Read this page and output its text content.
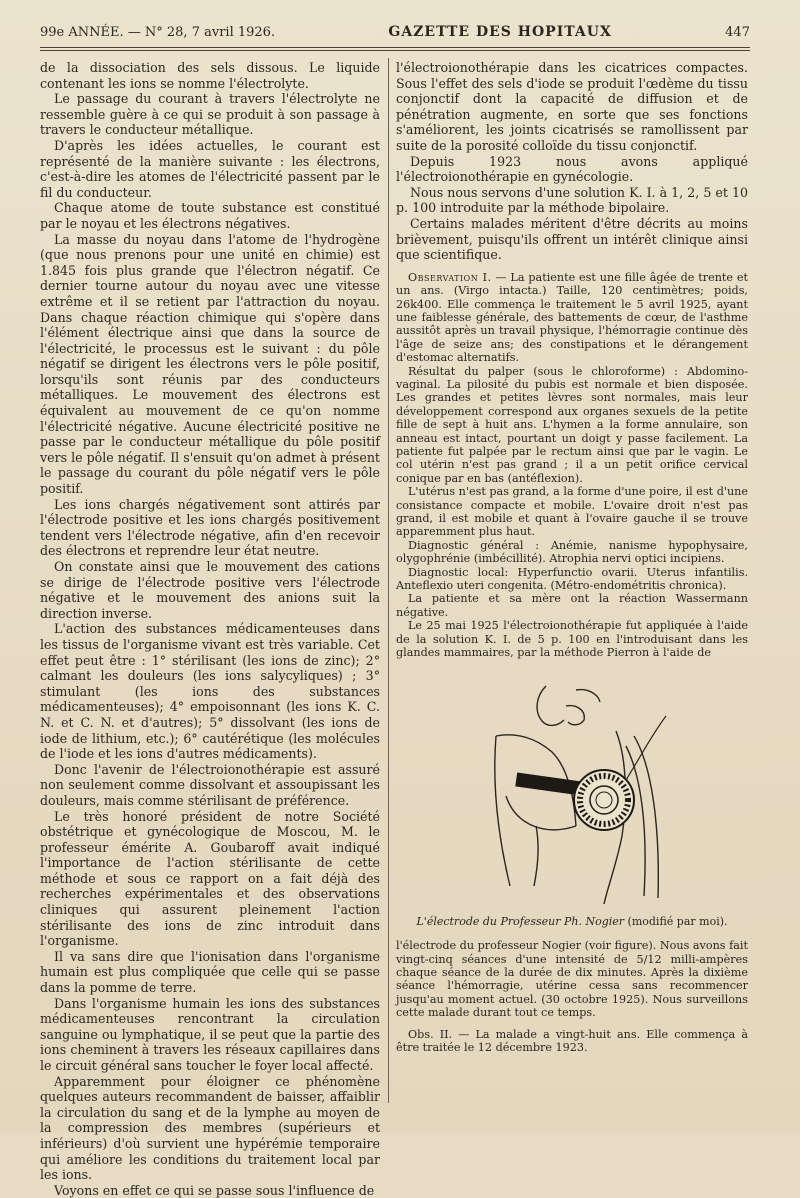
99e ANNÉE. — N° 28, 7 avril 1926.	GAZETTE DES HOPITAUX	447

de la dissociation des sels dissous. Le liquide contenant les ions se nomme l'électrolyte.

Le passage du courant à travers l'électrolyte ne ressemble guère à ce qui se produit à son passage à travers le conducteur métallique.

D'après les idées actuelles, le courant est représenté de la manière suivante : les électrons, c'est-à-dire les atomes de l'électricité passent par le fil du conducteur.

Chaque atome de toute substance est constitué par le noyau et les électrons négatives.

La masse du noyau dans l'atome de l'hydrogène (que nous prenons pour une unité en chimie) est 1.845 fois plus grande que l'électron négatif. Ce dernier tourne autour du noyau avec une vitesse extrême et il se retient par l'attraction du noyau. Dans chaque réaction chimique qui s'opère dans l'élément électrique ainsi que dans la source de l'électricité, le processus est le suivant : du pôle négatif se dirigent les électrons vers le pôle positif, lorsqu'ils sont réunis par des conducteurs métalliques. Le mouvement des électrons est équivalent au mouvement de ce qu'on nomme l'électricité négative. Aucune électricité positive ne passe par le conducteur métallique du pôle positif vers le pôle négatif. Il s'ensuit qu'on admet à présent le passage du courant du pôle négatif vers le pôle positif.

Les ions chargés négativement sont attirés par l'électrode positive et les ions chargés positivement tendent vers l'électrode négative, afin d'en recevoir des électrons et reprendre leur état neutre.

On constate ainsi que le mouvement des cations se dirige de l'électrode positive vers l'électrode négative et le mouvement des anions suit la direction inverse.

L'action des substances médicamenteuses dans les tissus de l'organisme vivant est très variable. Cet effet peut être : 1° stérilisant (les ions de zinc); 2° calmant les douleurs (les ions salycyliques) ; 3° stimulant (les ions des substances médicamenteuses); 4° empoisonnant (les ions K. C. N. et C. N. et d'autres); 5° dissolvant (les ions de iode de lithium, etc.); 6° cautérétique (les molécules de l'iode et les ions d'autres médicaments).

Donc l'avenir de l'électroionothérapie est assuré non seulement comme dissolvant et assoupissant les douleurs, mais comme stérilisant de préférence.

Le très honoré président de notre Société obstétrique et gynécologique de Moscou, M. le professeur émérite A. Goubaroff avait indiqué l'importance de l'action stérilisante de cette méthode et sous ce rapport on a fait déjà des recherches expérimentales et des observations cliniques qui assurent pleinement l'action stérilisante des ions de zinc introduit dans l'organisme.

Il va sans dire que l'ionisation dans l'organisme humain est plus compliquée que celle qui se passe dans la pomme de terre.

Dans l'organisme humain les ions des substances médicamenteuses rencontrant la circulation sanguine ou lymphatique, il se peut que la partie des ions cheminent à travers les réseaux capillaires dans le circuit général sans toucher le foyer local affecté.

Apparemment pour éloigner ce phénomène quelques auteurs recommandent de baisser, affaiblir la circulation du sang et de la lymphe au moyen de la compression des membres (supérieurs et inférieurs) d'où survient une hypérémie temporaire qui améliore les conditions du traitement local par les ions.

Voyons en effet ce qui se passe sous l'influence de

l'électroionothérapie dans les cicatrices compactes. Sous l'effet des sels d'iode se produit l'œdème du tissu conjonctif dont la capacité de diffusion et de pénétration augmente, en sorte que ses fonctions s'améliorent, les joints cicatrisés se ramollissent par suite de la porosité colloïde du tissu conjonctif.

Depuis 1923 nous avons appliqué l'électroionothérapie en gynécologie.

Nous nous servons d'une solution K. I. à 1, 2, 5 et 10 p. 100 introduite par la méthode bipolaire.

Certains malades méritent d'être décrits au moins brièvement, puisqu'ils offrent un intérêt clinique ainsi que scientifique.

Observation I. — La patiente est une fille âgée de trente et un ans. (Virgo intacta.) Taille, 120 centimètres; poids, 26k400. Elle commença le traitement le 5 avril 1925, ayant une faiblesse générale, des battements de cœur, de l'asthme aussitôt après un travail physique, l'hémorragie continue dès l'âge de seize ans; des constipations et le dérangement d'estomac alternatifs.

Résultat du palper (sous le chloroforme) : Abdomino-vaginal. La pilosité du pubis est normale et bien disposée. Les grandes et petites lèvres sont normales, mais leur développement correspond aux organes sexuels de la petite fille de sept à huit ans. L'hymen a la forme annulaire, son anneau est intact, pourtant un doigt y passe facilement. La patiente fut palpée par le rectum ainsi que par le vagin. Le col utérin n'est pas grand ; il a un petit orifice cervical conique par en bas (antéflexion).

L'utérus n'est pas grand, a la forme d'une poire, il est d'une consistance compacte et mobile. L'ovaire droit n'est pas grand, il est mobile et quant à l'ovaire gauche il se trouve apparemment plus haut.

Diagnostic général : Anémie, nanisme hypophysaire, olygophrénie (imbécillité). Atrophia nervi optici incipiens.

Diagnostic local: Hyperfunctio ovarii. Uterus infantilis. Anteflexio uteri congenita. (Métro-endométritis chronica).

La patiente et sa mère ont la réaction Wassermann négative.

Le 25 mai 1925 l'électroionothérapie fut appliquée à l'aide de la solution K. I. de 5 p. 100 en l'introduisant dans les glandes mammaires, par la méthode Pierron à l'aide de

L'électrode du Professeur Ph. Nogier (modifié par moi).

l'électrode du professeur Nogier (voir figure). Nous avons fait vingt-cinq séances d'une intensité de 5/12 milli-ampères chaque séance de la durée de dix minutes. Après la dixième séance l'hémorragie, utérine cessa sans recommencer jusqu'au moment actuel. (30 octobre 1925). Nous surveillons cette malade durant tout ce temps.

Obs. II. — La malade a vingt-huit ans. Elle commença à être traitée le 12 décembre 1923.
